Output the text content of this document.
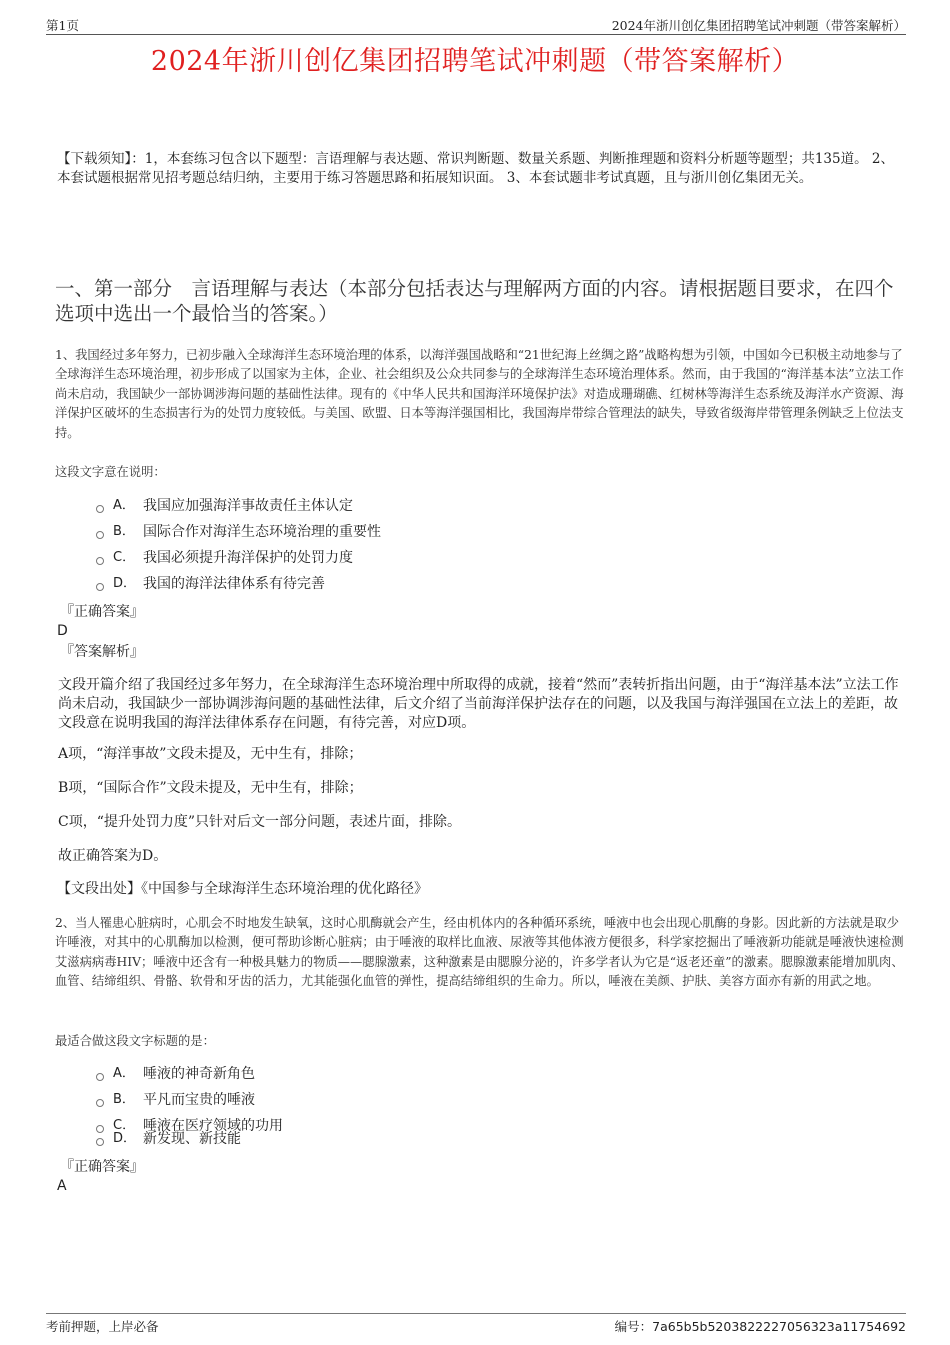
第1页	2024年浙川创亿集团招聘笔试冲刺题（带答案解析）
2024年浙川创亿集团招聘笔试冲刺题（带答案解析）
【下载须知】：1，本套练习包含以下题型：言语理解与表达题、常识判断题、数量关系题、判断推理题和资料分析题等题型；共135道。 2、本套试题根据常见招考题总结归纳，主要用于练习答题思路和拓展知识面。 3、本套试题非考试真题，且与浙川创亿集团无关。
一、第一部分　言语理解与表达（本部分包括表达与理解两方面的内容。请根据题目要求，在四个选项中选出一个最恰当的答案。）
1、我国经过多年努力，已初步融入全球海洋生态环境治理的体系，以海洋强国战略和“21世纪海上丝绸之路”战略构想为引领，中国如今已积极主动地参与了全球海洋生态环境治理，初步形成了以国家为主体，企业、社会组织及公众共同参与的全球海洋生态环境治理体系。然而，由于我国的“海洋基本法”立法工作尚未启动，我国缺少一部协调涉海问题的基础性法律。现有的《中华人民共和国海洋环境保护法》对造成珊瑚礁、红树林等海洋生态系统及海洋水产资源、海洋保护区破坏的生态损害行为的处罚力度较低。与美国、欧盟、日本等海洋强国相比，我国海岸带综合管理法的缺失，导致省级海岸带管理条例缺乏上位法支持。
这段文字意在说明：
A． 我国应加强海洋事故责任主体认定
B． 国际合作对海洋生态环境治理的重要性
C． 我国必须提升海洋保护的处罚力度
D． 我国的海洋法律体系有待完善
『正确答案』
D
『答案解析』
文段开篇介绍了我国经过多年努力，在全球海洋生态环境治理中所取得的成就，接着“然而”表转折指出问题，由于“海洋基本法”立法工作尚未启动，我国缺少一部协调涉海问题的基础性法律，后文介绍了当前海洋保护法存在的问题，以及我国与海洋强国在立法上的差距，故文段意在说明我国的海洋法律体系存在问题，有待完善，对应D项。
A项，“海洋事故”文段未提及，无中生有，排除；
B项，“国际合作”文段未提及，无中生有，排除；
C项，“提升处罚力度”只针对后文一部分问题，表述片面，排除。
故正确答案为D。
【文段出处】《中国参与全球海洋生态环境治理的优化路径》
2、当人罹患心脏病时，心肌会不时地发生缺氧，这时心肌酶就会产生，经由机体内的各种循环系统，唾液中也会出现心肌酶的身影。因此新的方法就是取少许唾液，对其中的心肌酶加以检测，便可帮助诊断心脏病；由于唾液的取样比血液、尿液等其他体液方便很多，科学家挖掘出了唾液新功能就是唾液快速检测艾滋病病毒HIV；唾液中还含有一种极具魅力的物质——腮腺激素，这种激素是由腮腺分泌的，许多学者认为它是“返老还童”的激素。腮腺激素能增加肌肉、血管、结缔组织、骨骼、软骨和牙齿的活力，尤其能强化血管的弹性，提高结缔组织的生命力。所以，唾液在美颜、护肤、美容方面亦有新的用武之地。
最适合做这段文字标题的是：
A． 唾液的神奇新角色
B． 平凡而宝贵的唾液
C． 唾液在医疗领域的功用
D． 新发现、新技能
『正确答案』
A
考前押题，上岸必备	编号：7a65b5b5203822227056323a11754692
